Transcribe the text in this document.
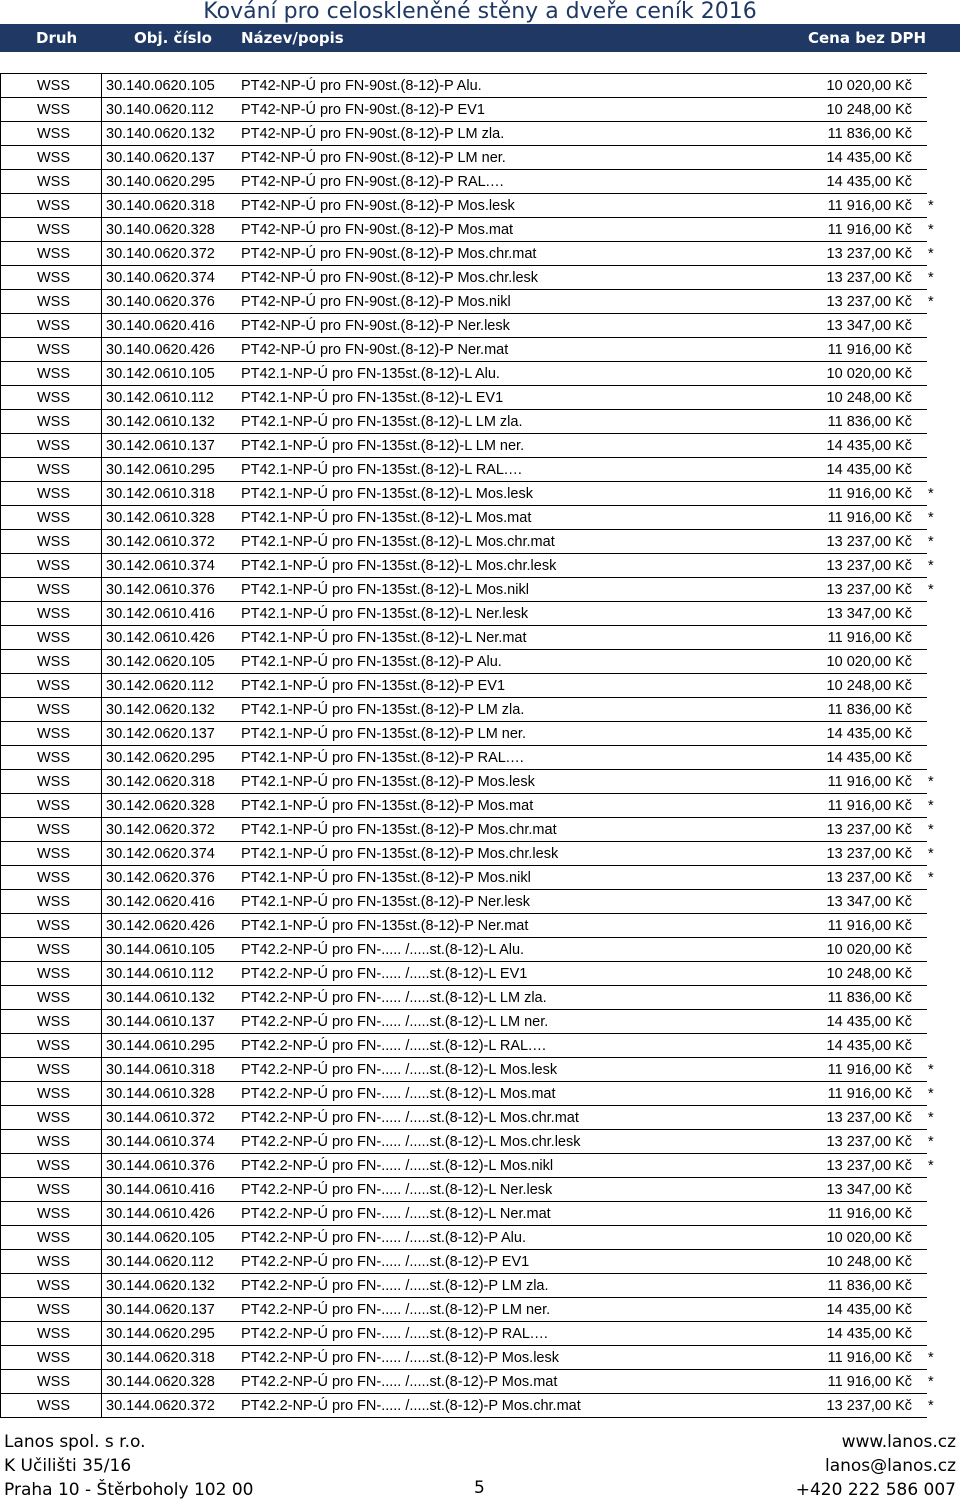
Kování pro celoskleněné stěny a dveře ceník 2016
Druh	Obj. číslo Název/popis	Cena bez DPH
WSS	30.140.0620.105	PT42-NP-Ú pro FN-90st.(8-12)-P Alu.	10 020,00 Kč
WSS	30.140.0620.112	PT42-NP-Ú pro FN-90st.(8-12)-P EV1	10 248,00 Kč
WSS	30.140.0620.132	PT42-NP-Ú pro FN-90st.(8-12)-P LM zla.	11 836,00 Kč
WSS	30.140.0620.137	PT42-NP-Ú pro FN-90st.(8-12)-P LM ner.	14 435,00 Kč
WSS	30.140.0620.295	PT42-NP-Ú pro FN-90st.(8-12)-P RAL.…	14 435,00 Kč
WSS	30.140.0620.318	PT42-NP-Ú pro FN-90st.(8-12)-P Mos.lesk	11 916,00 Kč *
WSS	30.140.0620.328	PT42-NP-Ú pro FN-90st.(8-12)-P Mos.mat	11 916,00 Kč *
WSS	30.140.0620.372	PT42-NP-Ú pro FN-90st.(8-12)-P Mos.chr.mat	13 237,00 Kč *
WSS	30.140.0620.374	PT42-NP-Ú pro FN-90st.(8-12)-P Mos.chr.lesk	13 237,00 Kč *
WSS	30.140.0620.376	PT42-NP-Ú pro FN-90st.(8-12)-P Mos.nikl	13 237,00 Kč *
WSS	30.140.0620.416	PT42-NP-Ú pro FN-90st.(8-12)-P Ner.lesk	13 347,00 Kč
WSS	30.140.0620.426	PT42-NP-Ú pro FN-90st.(8-12)-P Ner.mat	11 916,00 Kč
WSS	30.142.0610.105	PT42.1-NP-Ú pro FN-135st.(8-12)-L Alu.	10 020,00 Kč
WSS	30.142.0610.112	PT42.1-NP-Ú pro FN-135st.(8-12)-L EV1	10 248,00 Kč
WSS	30.142.0610.132	PT42.1-NP-Ú pro FN-135st.(8-12)-L LM zla.	11 836,00 Kč
WSS	30.142.0610.137	PT42.1-NP-Ú pro FN-135st.(8-12)-L LM ner.	14 435,00 Kč
WSS	30.142.0610.295	PT42.1-NP-Ú pro FN-135st.(8-12)-L RAL.…	14 435,00 Kč
WSS	30.142.0610.318	PT42.1-NP-Ú pro FN-135st.(8-12)-L Mos.lesk	11 916,00 Kč *
WSS	30.142.0610.328	PT42.1-NP-Ú pro FN-135st.(8-12)-L Mos.mat	11 916,00 Kč *
WSS	30.142.0610.372	PT42.1-NP-Ú pro FN-135st.(8-12)-L Mos.chr.mat	13 237,00 Kč *
WSS	30.142.0610.374	PT42.1-NP-Ú pro FN-135st.(8-12)-L Mos.chr.lesk	13 237,00 Kč *
WSS	30.142.0610.376	PT42.1-NP-Ú pro FN-135st.(8-12)-L Mos.nikl	13 237,00 Kč *
WSS	30.142.0610.416	PT42.1-NP-Ú pro FN-135st.(8-12)-L Ner.lesk	13 347,00 Kč
WSS	30.142.0610.426	PT42.1-NP-Ú pro FN-135st.(8-12)-L Ner.mat	11 916,00 Kč
WSS	30.142.0620.105	PT42.1-NP-Ú pro FN-135st.(8-12)-P Alu.	10 020,00 Kč
WSS	30.142.0620.112	PT42.1-NP-Ú pro FN-135st.(8-12)-P EV1	10 248,00 Kč
WSS	30.142.0620.132	PT42.1-NP-Ú pro FN-135st.(8-12)-P LM zla.	11 836,00 Kč
WSS	30.142.0620.137	PT42.1-NP-Ú pro FN-135st.(8-12)-P LM ner.	14 435,00 Kč
WSS	30.142.0620.295	PT42.1-NP-Ú pro FN-135st.(8-12)-P RAL.…	14 435,00 Kč
WSS	30.142.0620.318	PT42.1-NP-Ú pro FN-135st.(8-12)-P Mos.lesk	11 916,00 Kč *
WSS	30.142.0620.328	PT42.1-NP-Ú pro FN-135st.(8-12)-P Mos.mat	11 916,00 Kč *
WSS	30.142.0620.372	PT42.1-NP-Ú pro FN-135st.(8-12)-P Mos.chr.mat	13 237,00 Kč *
WSS	30.142.0620.374	PT42.1-NP-Ú pro FN-135st.(8-12)-P Mos.chr.lesk	13 237,00 Kč *
WSS	30.142.0620.376	PT42.1-NP-Ú pro FN-135st.(8-12)-P Mos.nikl	13 237,00 Kč *
WSS	30.142.0620.416	PT42.1-NP-Ú pro FN-135st.(8-12)-P Ner.lesk	13 347,00 Kč
WSS	30.142.0620.426	PT42.1-NP-Ú pro FN-135st.(8-12)-P Ner.mat	11 916,00 Kč
WSS	30.144.0610.105	PT42.2-NP-Ú pro FN-..... /.....st.(8-12)-L Alu.	10 020,00 Kč
WSS	30.144.0610.112	PT42.2-NP-Ú pro FN-..... /.....st.(8-12)-L EV1	10 248,00 Kč
WSS	30.144.0610.132	PT42.2-NP-Ú pro FN-..... /.....st.(8-12)-L LM zla.	11 836,00 Kč
WSS	30.144.0610.137	PT42.2-NP-Ú pro FN-..... /.....st.(8-12)-L LM ner.	14 435,00 Kč
WSS	30.144.0610.295	PT42.2-NP-Ú pro FN-..... /.....st.(8-12)-L RAL.…	14 435,00 Kč
WSS	30.144.0610.318	PT42.2-NP-Ú pro FN-..... /.....st.(8-12)-L Mos.lesk	11 916,00 Kč *
WSS	30.144.0610.328	PT42.2-NP-Ú pro FN-..... /.....st.(8-12)-L Mos.mat	11 916,00 Kč *
WSS	30.144.0610.372	PT42.2-NP-Ú pro FN-..... /.....st.(8-12)-L Mos.chr.mat	13 237,00 Kč *
WSS	30.144.0610.374	PT42.2-NP-Ú pro FN-..... /.....st.(8-12)-L Mos.chr.lesk	13 237,00 Kč *
WSS	30.144.0610.376	PT42.2-NP-Ú pro FN-..... /.....st.(8-12)-L Mos.nikl	13 237,00 Kč *
WSS	30.144.0610.416	PT42.2-NP-Ú pro FN-..... /.....st.(8-12)-L Ner.lesk	13 347,00 Kč
WSS	30.144.0610.426	PT42.2-NP-Ú pro FN-..... /.....st.(8-12)-L Ner.mat	11 916,00 Kč
WSS	30.144.0620.105	PT42.2-NP-Ú pro FN-..... /.....st.(8-12)-P Alu.	10 020,00 Kč
WSS	30.144.0620.112	PT42.2-NP-Ú pro FN-..... /.....st.(8-12)-P EV1	10 248,00 Kč
WSS	30.144.0620.132	PT42.2-NP-Ú pro FN-..... /.....st.(8-12)-P LM zla.	11 836,00 Kč
WSS	30.144.0620.137	PT42.2-NP-Ú pro FN-..... /.....st.(8-12)-P LM ner.	14 435,00 Kč
WSS	30.144.0620.295	PT42.2-NP-Ú pro FN-..... /.....st.(8-12)-P RAL.…	14 435,00 Kč
WSS	30.144.0620.318	PT42.2-NP-Ú pro FN-..... /.....st.(8-12)-P Mos.lesk	11 916,00 Kč *
WSS	30.144.0620.328	PT42.2-NP-Ú pro FN-..... /.....st.(8-12)-P Mos.mat	11 916,00 Kč *
WSS	30.144.0620.372	PT42.2-NP-Ú pro FN-..... /.....st.(8-12)-P Mos.chr.mat	13 237,00 Kč *
Lanos spol. s r.o.
K Učilišti 35/16
Praha 10 - Štěrboholy 102 00	5
www.lanos.cz
lanos@lanos.cz
+420 222 586 007
